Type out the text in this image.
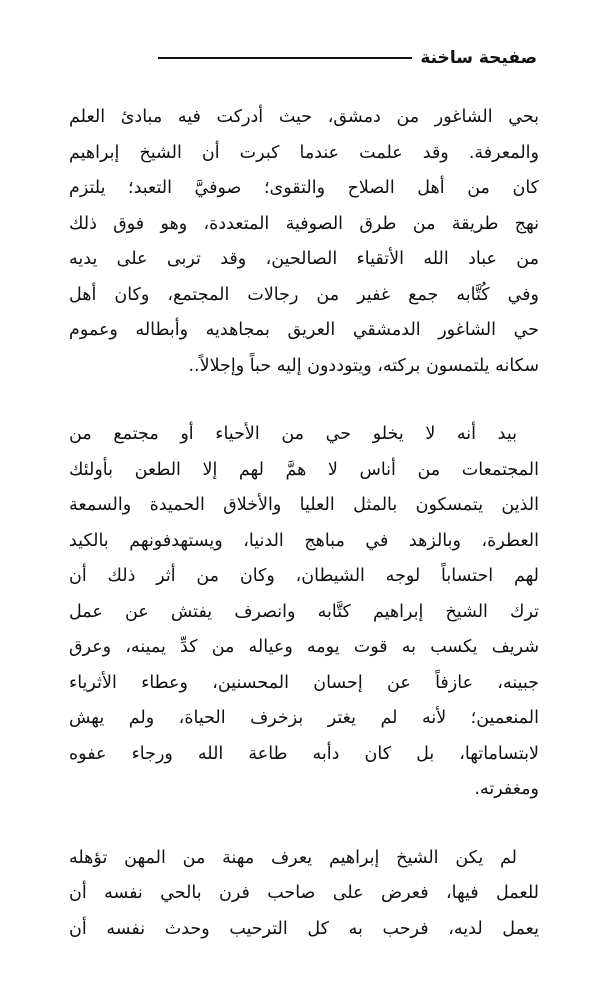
صفيحة ساخنة
بحي الشاغور من دمشق، حيث أدركت فيه مبادئ العلم
والمعرفة. وقد علمت عندما كبرت أن الشيخ إبراهيم
كان من أهل الصلاح والتقوى؛ صوفيَّ التعبد؛ يلتزم
نهج طريقة من طرق الصوفية المتعددة، وهو فوق ذلك
من عباد الله الأتقياء الصالحين، وقد تربى على يديه
وفي كُتَّابه جمع غفير من رجالات المجتمع، وكان أهل
حي الشاغور الدمشقي العريق بمجاهديه وأبطاله وعموم
سكانه يلتمسون بركته، ويتوددون إليه حباً وإجلالاً..
بيد أنه لا يخلو حي من الأحياء أو مجتمع من
المجتمعات من أناس لا همَّ لهم إلا الطعن بأولئك
الذين يتمسكون بالمثل العليا والأخلاق الحميدة والسمعة
العطرة، وبالزهد في مباهج الدنيا، ويستهدفونهم بالكيد
لهم احتساباً لوجه الشيطان، وكان من أثر ذلك أن
ترك الشيخ إبراهيم كتَّابه وانصرف يفتش عن عمل
شريف يكسب به قوت يومه وعياله من كدِّ يمينه، وعرق
جبينه، عازفاً عن إحسان المحسنين، وعطاء الأثرياء
المنعمين؛ لأنه لم يغتر بزخرف الحياة، ولم يهش
لابتساماتها، بل كان دأبه طاعة الله ورجاء عفوه
ومغفرته.
لم يكن الشيخ إبراهيم يعرف مهنة من المهن تؤهله
للعمل فيها، فعرض على صاحب فرن بالحي نفسه أن
يعمل لديه، فرحب به كل الترحيب وحدث نفسه أن
